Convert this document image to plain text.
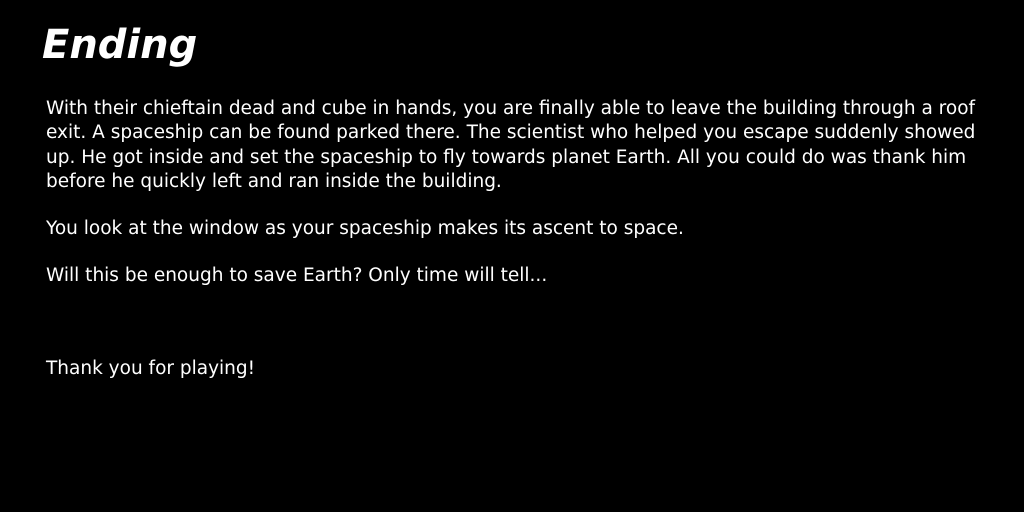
Ending

With their chieftain dead and cube in hands, you are finally able to leave the building through a roof exit. A spaceship can be found parked there. The scientist who helped you escape suddenly showed up. He got inside and set the spaceship to fly towards planet Earth. All you could do was thank him before he quickly left and ran inside the building.

You look at the window as your spaceship makes its ascent to space.

Will this be enough to save Earth? Only time will tell...

Thank you for playing!
